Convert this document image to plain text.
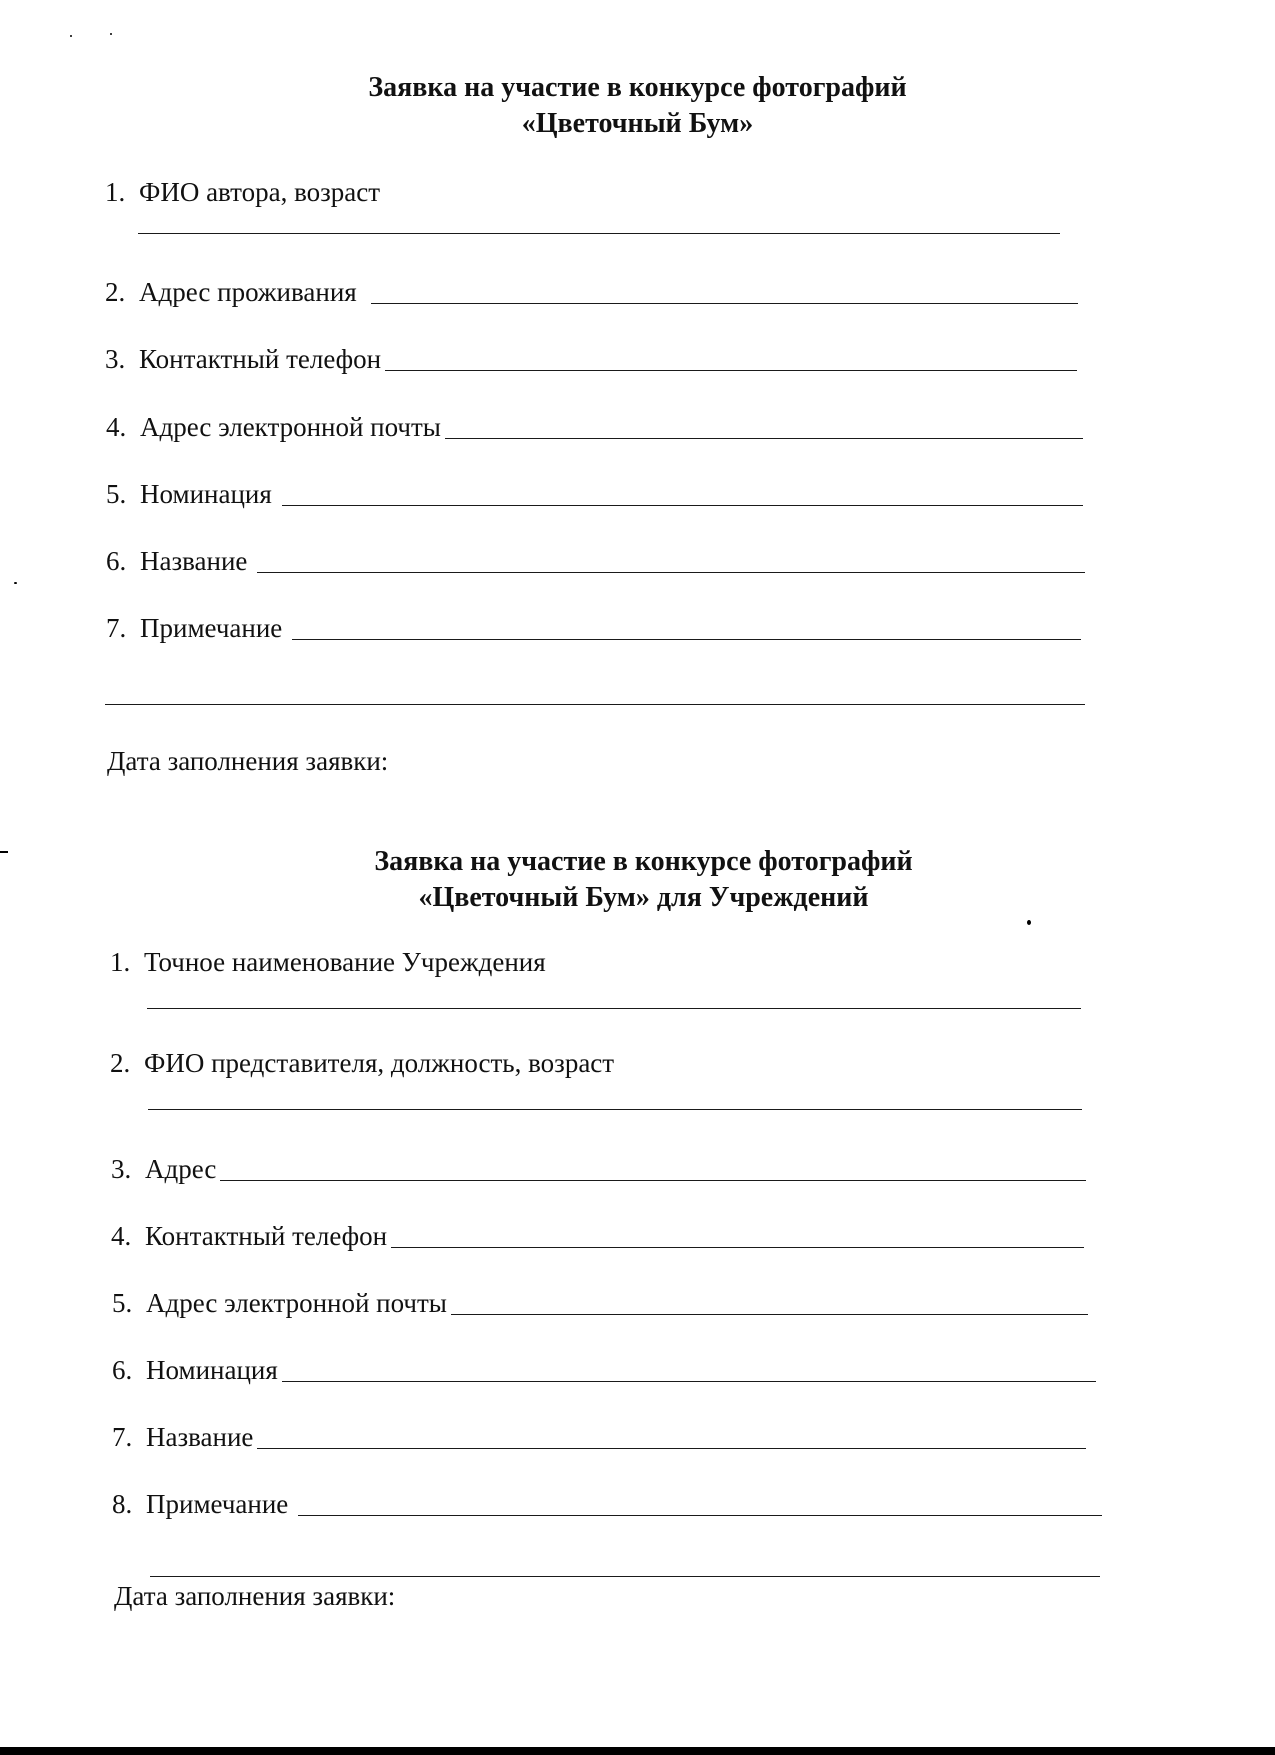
Заявка на участие в конкурсе фотографий
«Цветочный Бум»
1. ФИО автора, возраст
2. Адрес проживания
3. Контактный телефон
4. Адрес электронной почты
5. Номинация
6. Название
7. Примечание
Дата заполнения заявки:
Заявка на участие в конкурсе фотографий
«Цветочный Бум» для Учреждений
1. Точное наименование Учреждения
2. ФИО представителя, должность, возраст
3. Адрес
4. Контактный телефон
5. Адрес электронной почты
6. Номинация
7. Название
8. Примечание
Дата заполнения заявки:
